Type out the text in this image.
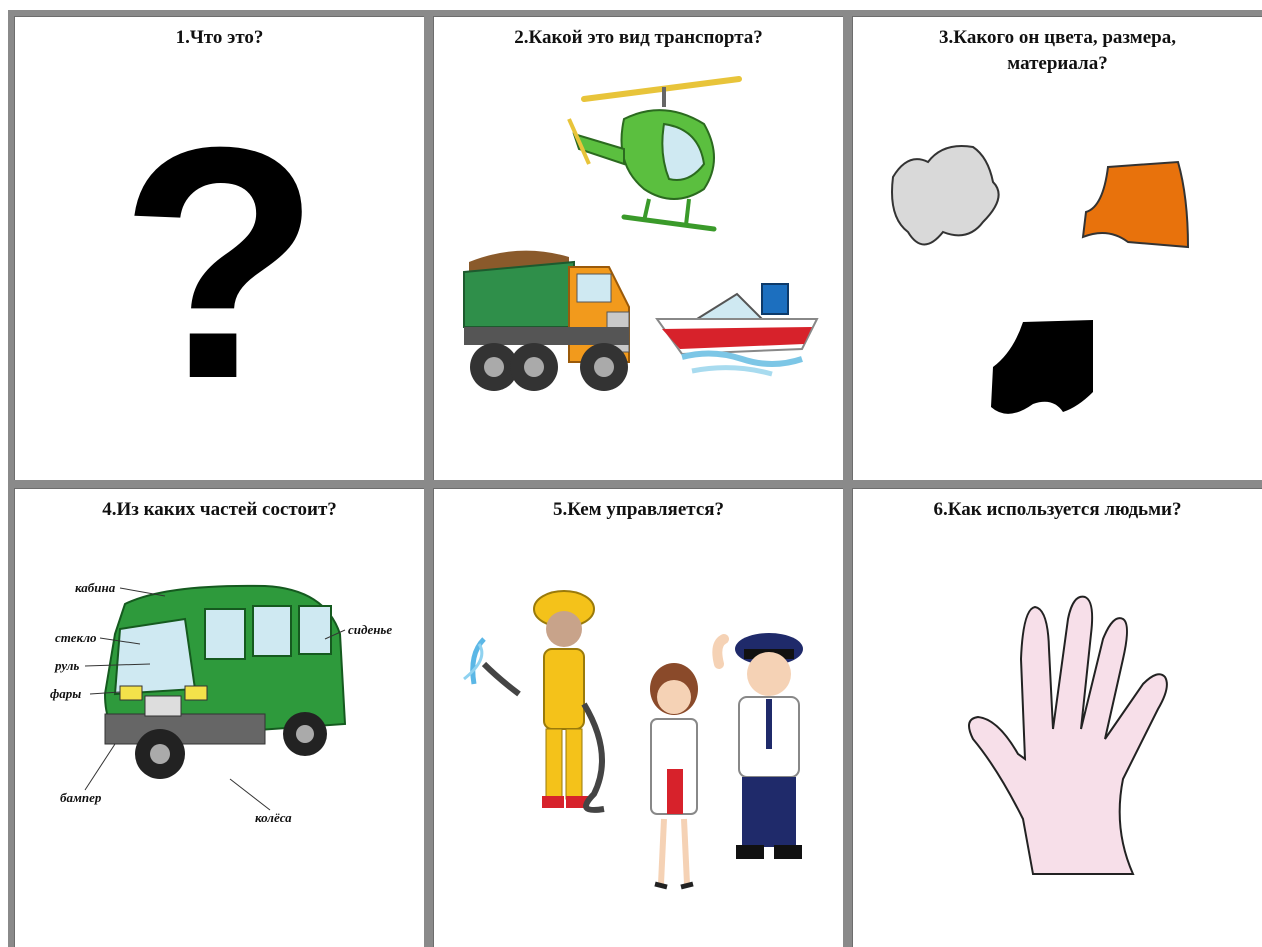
1.Что это?
?
2.Какой это вид транспорта?	3.Какого он цвета, размера,
материала?
4.Из каких частей состоит?
кабина
стекло
руль
фары
сиденье
бампер
колёса
5.Кем управляется?	6.Как используется людьми?
